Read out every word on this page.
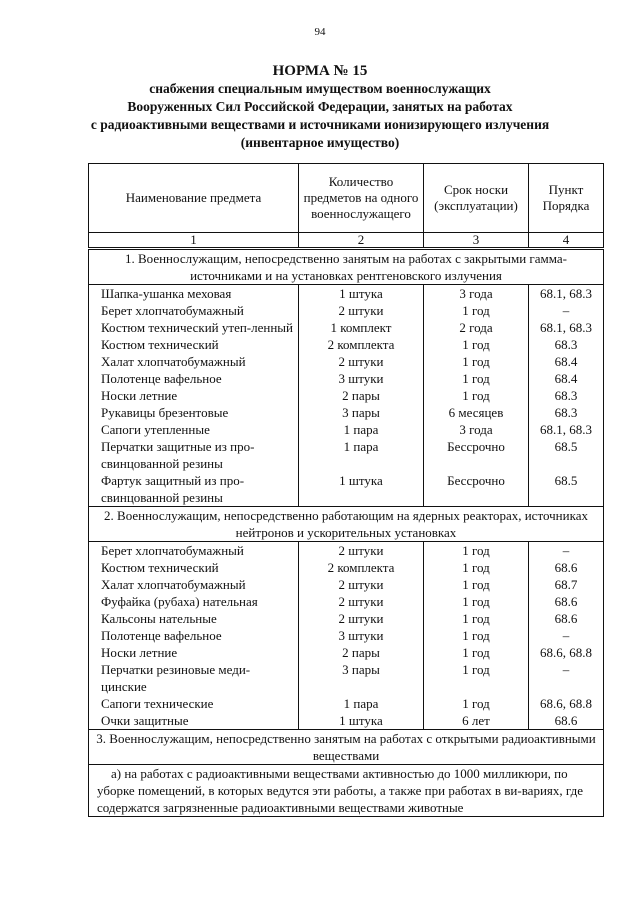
94
НОРМА № 15
снабжения специальным имуществом военнослужащих
Вооруженных Сил Российской Федерации, занятых на работах
с радиоактивными веществами и источниками ионизирующего излучения
(инвентарное имущество)
Наименование предмета	Количество предметов на одного военнослужащего	Срок носки (эксплуатации)	Пункт Порядка
1	2	3	4
1. Военнослужащим, непосредственно занятым на работах с закрытыми гамма-источниками и на установках рентгеновского излучения			
Шапка-ушанка меховая	1 штука	3 года	68.1, 68.3
Берет хлопчатобумажный	2 штуки	1 год	–
Костюм технический утеп-ленный	1 комплект	2 года	68.1, 68.3
Костюм технический	2 комплекта	1 год	68.3
Халат хлопчатобумажный	2 штуки	1 год	68.4
Полотенце вафельное	3 штуки	1 год	68.4
Носки летние	2 пары	1 год	68.3
Рукавицы брезентовые	3 пары	6 месяцев	68.3
Сапоги утепленные	1 пара	3 года	68.1, 68.3
Перчатки защитные из про-свинцованной резины	1 пара	Бессрочно	68.5
Фартук защитный из про-свинцованной резины	1 штука	Бессрочно	68.5
2. Военнослужащим, непосредственно работающим на ядерных реакторах, источниках нейтронов и ускорительных установках			
Берет хлопчатобумажный	2 штуки	1 год	–
Костюм технический	2 комплекта	1 год	68.6
Халат хлопчатобумажный	2 штуки	1 год	68.7
Фуфайка (рубаха) нательная	2 штуки	1 год	68.6
Кальсоны нательные	2 штуки	1 год	68.6
Полотенце вафельное	3 штуки	1 год	–
Носки летние	2 пары	1 год	68.6, 68.8
Перчатки резиновые меди-цинские	3 пары	1 год	–
Сапоги технические	1 пара	1 год	68.6, 68.8
Очки защитные	1 штука	6 лет	68.6
3. Военнослужащим, непосредственно занятым на работах с открытыми радиоактивными веществами			
а) на работах с радиоактивными веществами активностью до 1000 милликюри, по уборке помещений, в которых ведутся эти работы, а также при работах в ви-вариях, где содержатся загрязненные радиоактивными веществами животные			
